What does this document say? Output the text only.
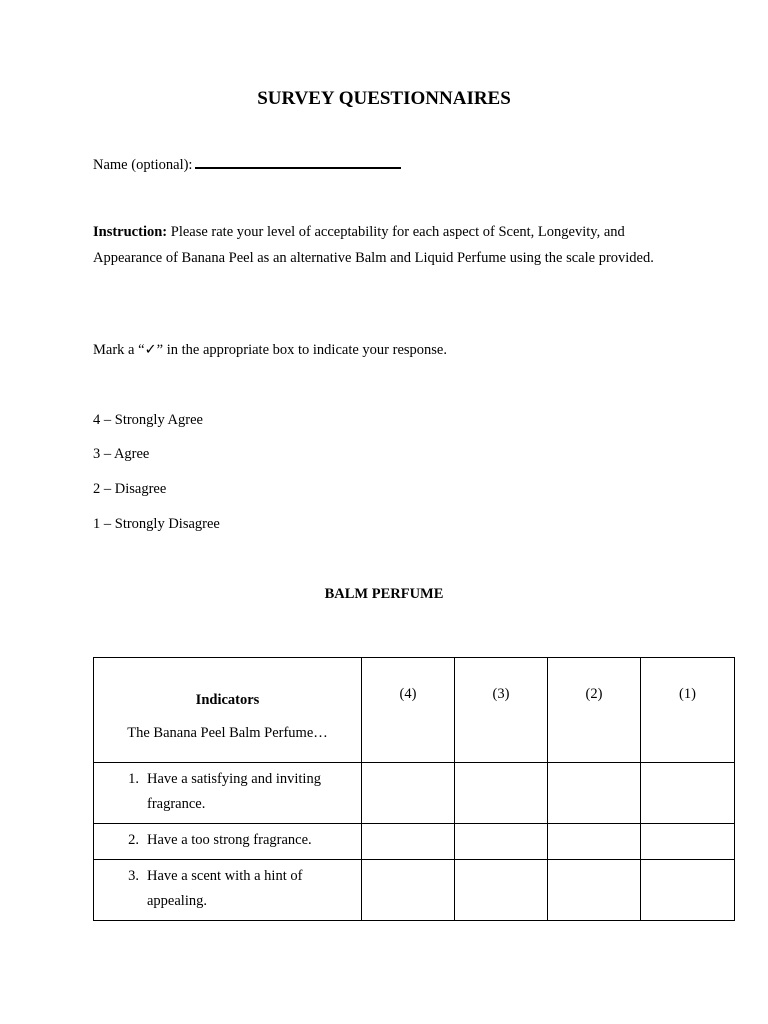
SURVEY QUESTIONNAIRES
Name (optional):
Instruction: Please rate your level of acceptability for each aspect of Scent, Longevity, and Appearance of Banana Peel as an alternative Balm and Liquid Perfume using the scale provided.
Mark a “✓” in the appropriate box to indicate your response.
4 – Strongly Agree
3 – Agree
2 – Disagree
1 – Strongly Disagree
BALM PERFUME
Indicators
The Banana Peel Balm Perfume…	(4)	(3)	(2)	(1)

1. Have a satisfying and inviting fragrance.				

2. Have a too strong fragrance.				

3. Have a scent with a hint of appealing.				
